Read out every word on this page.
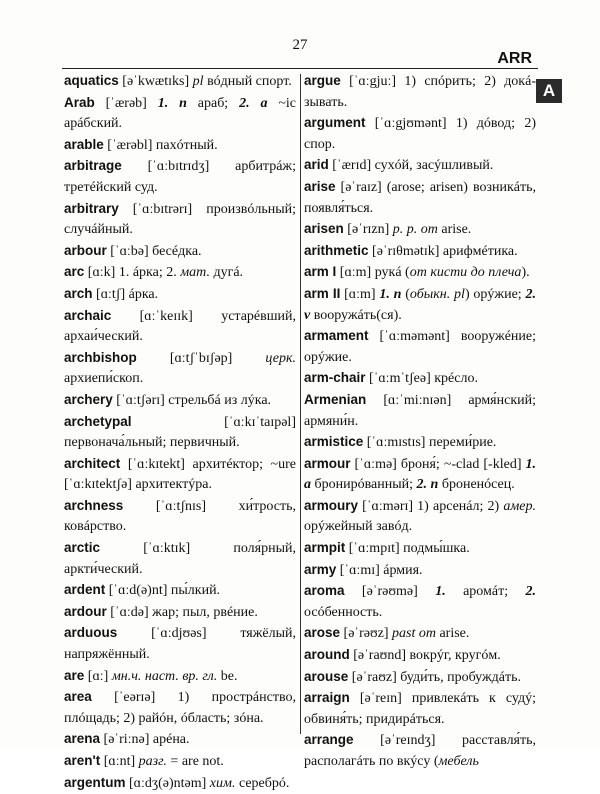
27
ARR
A

aquatics [əˈkwætɪks] pl вóдный спорт.

Arab [ˈærəb] 1. n араб; 2. a ~ic арáбский.

arable [ˈærəbl] пахóтный.

arbitrage [ˈɑːbɪtrɪdʒ] арбитрáж; третéйский суд.

arbitrary [ˈɑːbɪtrərɪ] произвóльный; случáйный.

arbour [ˈɑːbə] бесéдка.

arc [ɑːk] 1. áрка; 2. мат. дугá.

arch [ɑːtʃ] áрка.

archaic [ɑːˈkeɪɪk] устарéвший, архаи́ческий.

archbishop [ɑːtʃˈbɪʃəp] церк. архиепи́скоп.

archery [ˈɑːtʃərɪ] стрельбá из лýка.

archetypal [ˈɑːkɪˈtaɪpəl] первонача́льный; первичный.

architect [ˈɑːkɪtekt] архитéктор; ~ure [ˈɑːkɪtektʃə] архитектýра.

archness [ˈɑːtʃnɪs] хи́трость, ковáрство.

arctic [ˈɑːktɪk] поля́рный, аркти́ческий.

ardent [ˈɑːd(ə)nt] пы́лкий.

ardour [ˈɑːdə] жар; пыл, рвéние.

arduous [ˈɑːdjʊəs] тяжёлый, напряжённый.

are [ɑː] мн.ч. наст. вр. гл. be.

area [ˈeərɪə] 1) прострáнство, плóщадь; 2) райóн, óбласть; зóна.

arena [əˈriːnə] арéна.

aren't [ɑːnt] разг. = are not.

argentum [ɑːdʒ(ə)ntəm] хим. серебрó.

argue [ˈɑːgjuː] 1) спóрить; 2) докáзывать.

argument [ˈɑːgjʊmənt] 1) дóвод; 2) спор.

arid [ˈærɪd] сухóй, засýшливый.

arise [əˈraɪz] (arose; arisen) возникáть, появля́ться.

arisen [əˈrɪzn] p. p. от arise.

arithmetic [əˈrɪθmətɪk] арифмéтика.

arm I [ɑːm] рукá (от кисти до плеча).

arm II [ɑːm] 1. n (обыкн. pl) орýжие; 2. v вооружáть(ся).

armament [ˈɑːmәmәnt] вооружéние; орýжие.

arm-chair [ˈɑːmˈtʃeə] крéсло.

Armenian [ɑːˈmiːnɪən] армя́нский; армяни́н.

armistice [ˈɑːmɪstɪs] переми́рие.

armour [ˈɑːmə] броня́; ~-clad [-kled] 1. a бронирóванный; 2. n броненóсец.

armoury [ˈɑːmərɪ] 1) арсенáл; 2) амер. орýжейный завóд.

armpit [ˈɑːmpɪt] подмы́шка.

army [ˈɑːmɪ] áрмия.

aroma [əˈrəʊmə] 1. аромáт; 2. осóбенность.

arose [əˈrəʊz] past от arise.

around [əˈraʊnd] вокрýг, кругóм.

arouse [əˈraʊz] буди́ть, пробуждáть.

arraign [əˈreɪn] привлекáть к судý; обвиня́ть; придирáться.

arrange [əˈreɪndʒ] расставля́ть, располагáть по вкýсу (мебель
